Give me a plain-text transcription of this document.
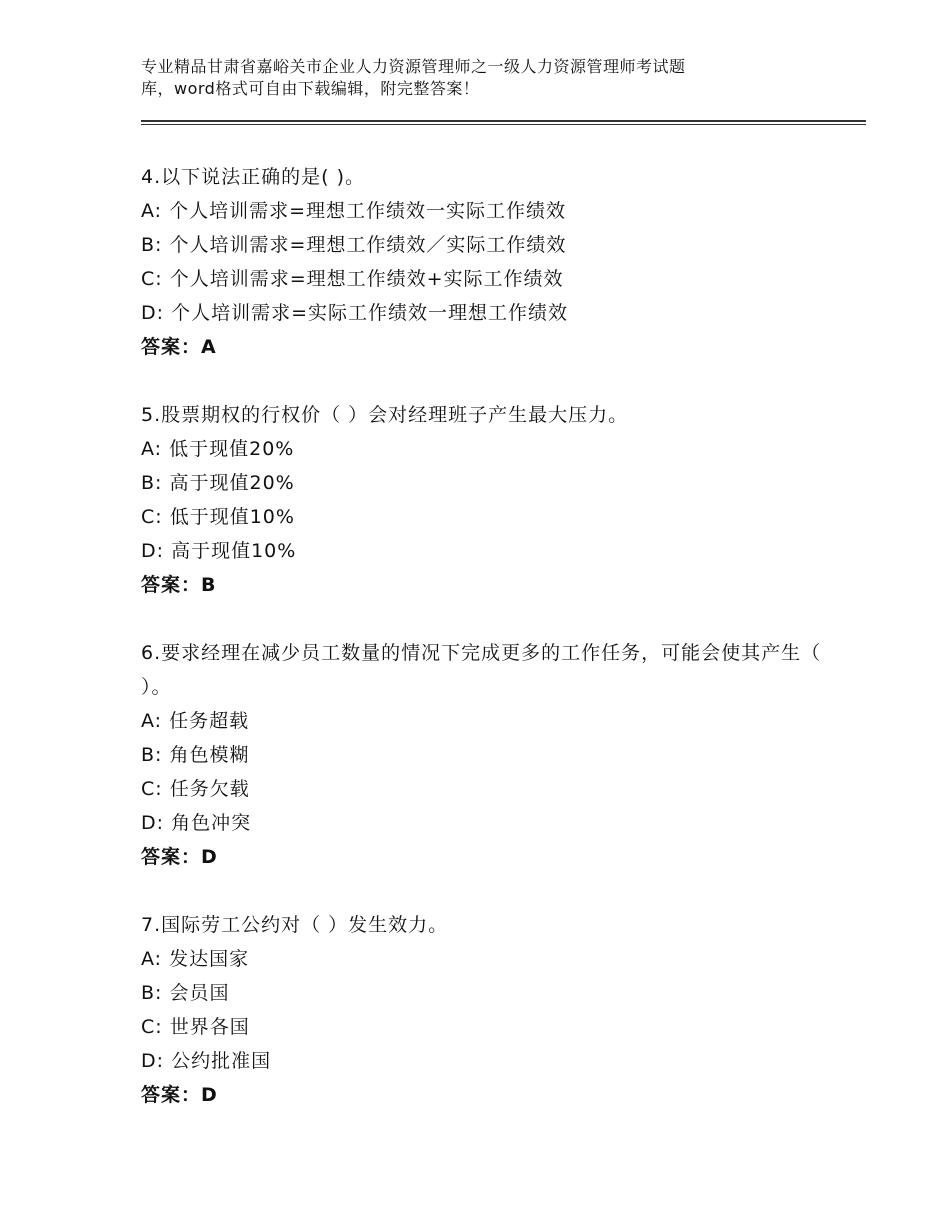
专业精品甘肃省嘉峪关市企业人力资源管理师之一级人力资源管理师考试题
库，word格式可自由下载编辑，附完整答案！
4.以下说法正确的是( )。
A: 个人培训需求=理想工作绩效一实际工作绩效
B: 个人培训需求=理想工作绩效／实际工作绩效
C: 个人培训需求=理想工作绩效+实际工作绩效
D: 个人培训需求=实际工作绩效一理想工作绩效
答案：A
5.股票期权的行权价（ ）会对经理班子产生最大压力。
A: 低于现值20%
B: 高于现值20%
C: 低于现值10%
D: 高于现值10%
答案：B
6.要求经理在减少员工数量的情况下完成更多的工作任务，可能会使其产生（　 ）。
A: 任务超载
B: 角色模糊
C: 任务欠载
D: 角色冲突
答案：D
7.国际劳工公约对（ ）发生效力。
A: 发达国家
B: 会员国
C: 世界各国
D: 公约批准国
答案：D
